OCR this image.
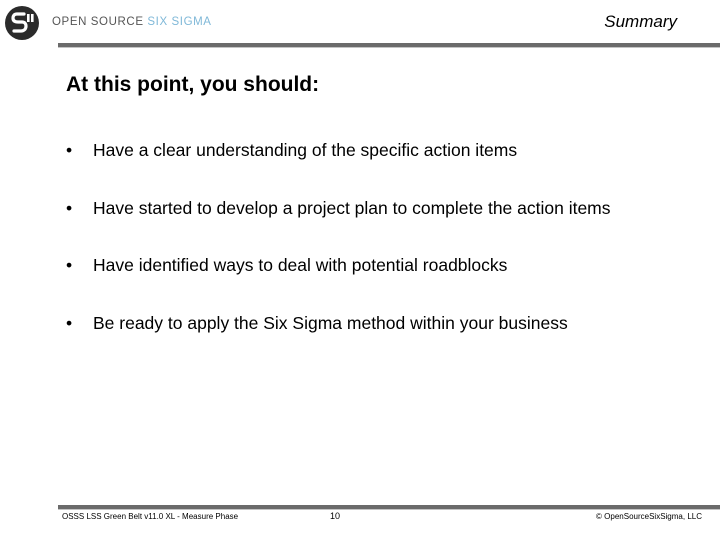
OPEN SOURCE SIX SIGMA	Summary
At this point, you should:
• Have a clear understanding of the specific action items
• Have started to develop a project plan to complete the action items
• Have identified ways to deal with potential roadblocks
• Be ready to apply the Six Sigma method within your business
OSSS LSS Green Belt v11.0 XL - Measure Phase	10	© OpenSourceSixSigma, LLC
